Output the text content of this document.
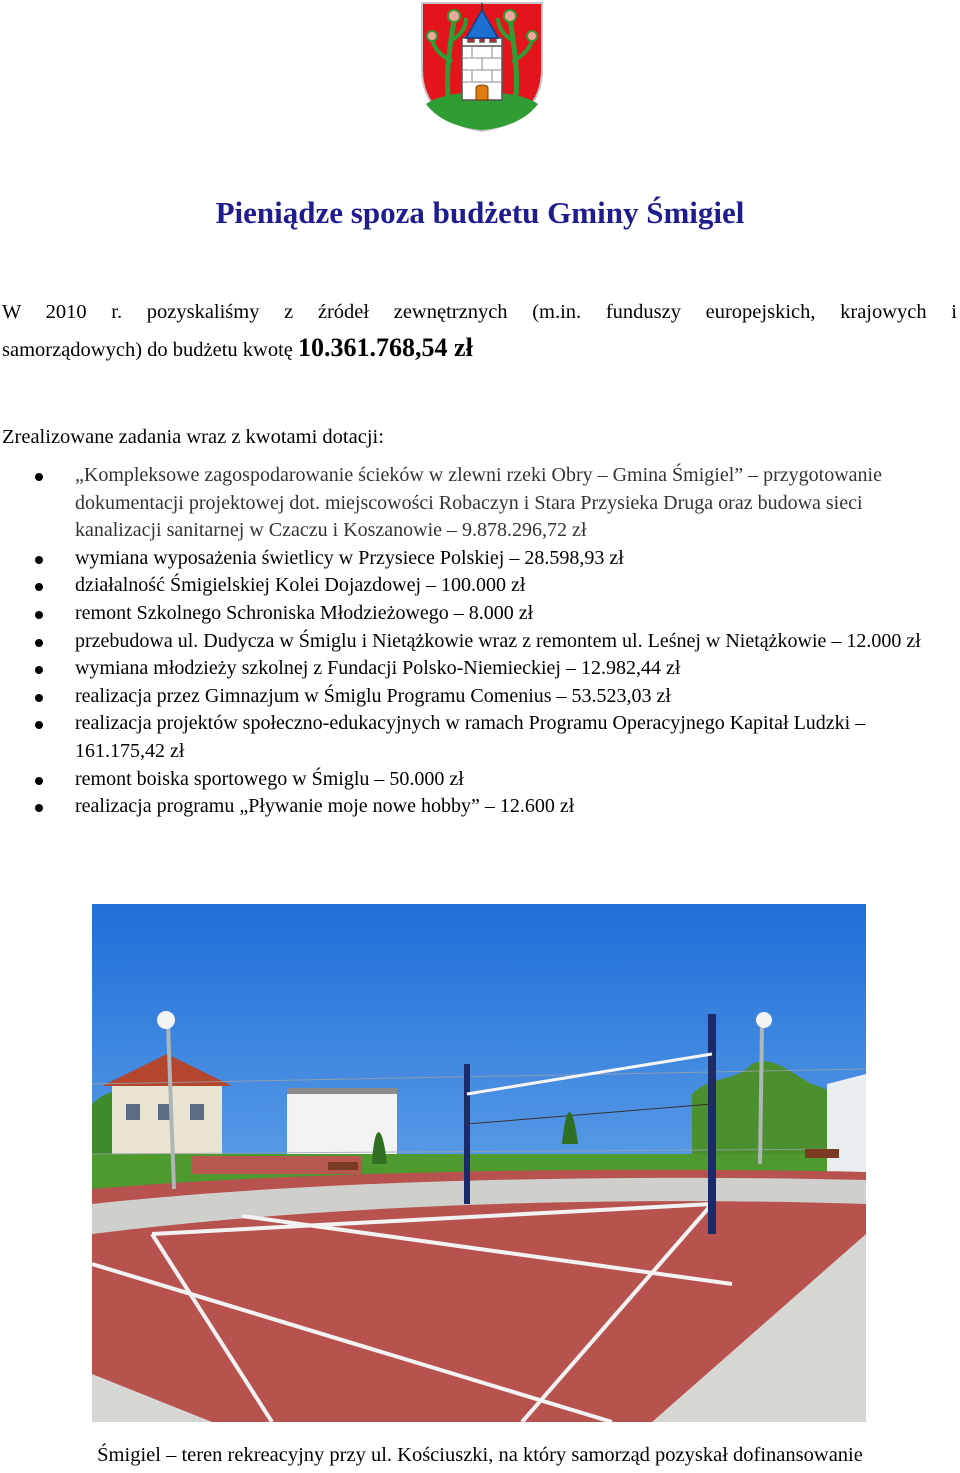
Pieniądze spoza budżetu Gminy Śmigiel
W 2010 r. pozyskaliśmy z źródeł zewnętrznych (m.in. funduszy europejskich, krajowych i
samorządowych) do budżetu kwotę 10.361.768,54 zł
Zrealizowane zadania wraz z kwotami dotacji:
„Kompleksowe zagospodarowanie ścieków w zlewni rzeki Obry – Gmina Śmigiel” – przygotowanie dokumentacji projektowej dot. miejscowości Robaczyn i Stara Przysieka Druga oraz budowa sieci kanalizacji sanitarnej w Czaczu i Koszanowie – 9.878.296,72 zł
wymiana wyposażenia świetlicy w Przysiece Polskiej – 28.598,93 zł
działalność Śmigielskiej Kolei Dojazdowej – 100.000 zł
remont Szkolnego Schroniska Młodzieżowego – 8.000 zł
przebudowa ul. Dudycza w Śmiglu i Nietążkowie wraz z remontem ul. Leśnej w Nietążkowie – 12.000 zł
wymiana młodzieży szkolnej z Fundacji Polsko-Niemieckiej – 12.982,44 zł
realizacja przez Gimnazjum w Śmiglu Programu Comenius – 53.523,03 zł
realizacja projektów społeczno-edukacyjnych w ramach Programu Operacyjnego Kapitał Ludzki – 161.175,42 zł
remont boiska sportowego w Śmiglu – 50.000 zł
realizacja programu „Pływanie moje nowe hobby” – 12.600 zł
Śmigiel – teren rekreacyjny przy ul. Kościuszki, na który samorząd pozyskał dofinansowanie
